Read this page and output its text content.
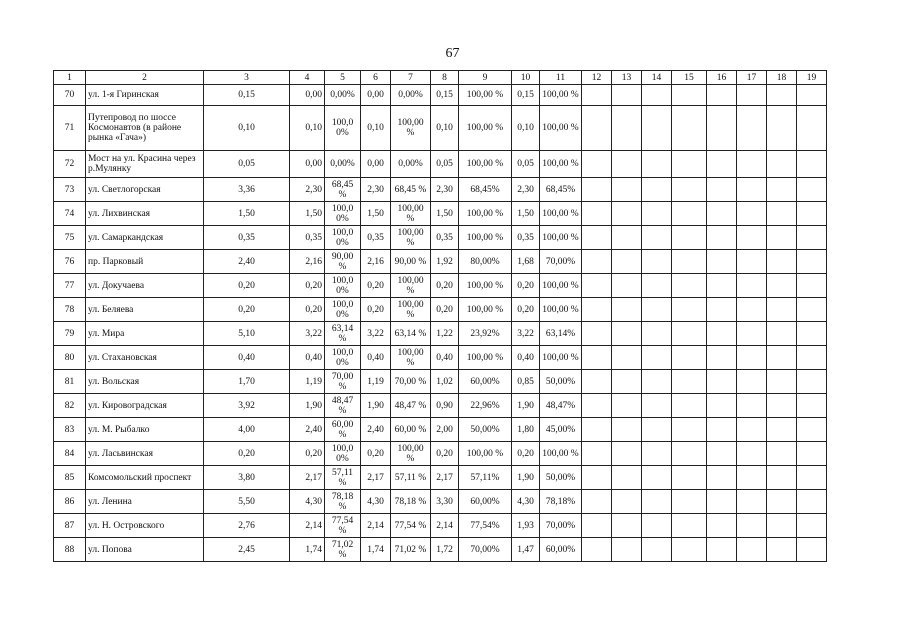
67
1	2	3	4	5	6	7	8	9	10	11	12	13	14	15	16	17	18	19
70	ул. 1-я Гиринская	0,15	0,00	0,00%	0,00	0,00%	0,15	100,00 %	0,15	100,00 %								
71	Путепровод по шоссе Космонавтов (в районе рынка «Гача»)	0,10	0,10	100,0 0%	0,10	100,00 %	0,10	100,00 %	0,10	100,00 %								
72	Мост на ул. Красина через р.Мулянку	0,05	0,00	0,00%	0,00	0,00%	0,05	100,00 %	0,05	100,00 %								
73	ул. Светлогорская	3,36	2,30	68,45 %	2,30	68,45 %	2,30	68,45%	2,30	68,45%								
74	ул. Лихвинская	1,50	1,50	100,0 0%	1,50	100,00 %	1,50	100,00 %	1,50	100,00 %								
75	ул. Самаркандская	0,35	0,35	100,0 0%	0,35	100,00 %	0,35	100,00 %	0,35	100,00 %								
76	пр. Парковый	2,40	2,16	90,00 %	2,16	90,00 %	1,92	80,00%	1,68	70,00%								
77	ул. Докучаева	0,20	0,20	100,0 0%	0,20	100,00 %	0,20	100,00 %	0,20	100,00 %								
78	ул. Беляева	0,20	0,20	100,0 0%	0,20	100,00 %	0,20	100,00 %	0,20	100,00 %								
79	ул. Мира	5,10	3,22	63,14 %	3,22	63,14 %	1,22	23,92%	3,22	63,14%								
80	ул. Стахановская	0,40	0,40	100,0 0%	0,40	100,00 %	0,40	100,00 %	0,40	100,00 %								
81	ул. Вольская	1,70	1,19	70,00 %	1,19	70,00 %	1,02	60,00%	0,85	50,00%								
82	ул. Кировоградская	3,92	1,90	48,47 %	1,90	48,47 %	0,90	22,96%	1,90	48,47%								
83	ул. М. Рыбалко	4,00	2,40	60,00 %	2,40	60,00 %	2,00	50,00%	1,80	45,00%								
84	ул. Ласьвинская	0,20	0,20	100,0 0%	0,20	100,00 %	0,20	100,00 %	0,20	100,00 %								
85	Комсомольский проспект	3,80	2,17	57,11 %	2,17	57,11 %	2,17	57,11%	1,90	50,00%								
86	ул. Ленина	5,50	4,30	78,18 %	4,30	78,18 %	3,30	60,00%	4,30	78,18%								
87	ул. Н. Островского	2,76	2,14	77,54 %	2,14	77,54 %	2,14	77,54%	1,93	70,00%								
88	ул. Попова	2,45	1,74	71,02 %	1,74	71,02 %	1,72	70,00%	1,47	60,00%								
